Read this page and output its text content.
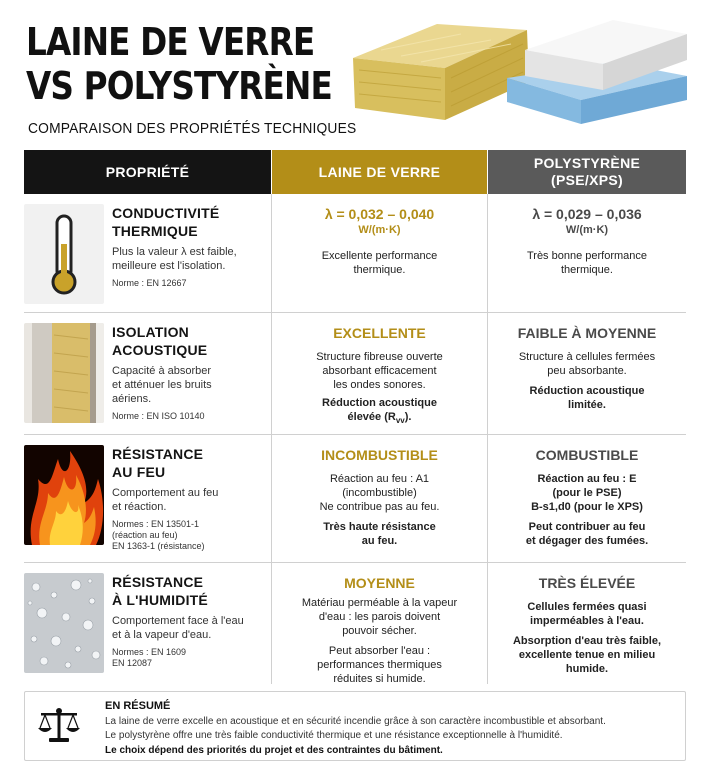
LAINE DE VERRE
VS POLYSTYRÈNE
COMPARAISON DES PROPRIÉTÉS TECHNIQUES
PROPRIÉTÉ	LAINE DE VERRE
POLYSTYRÈNE
(PSE/XPS)
CONDUCTIVITÉ
THERMIQUE
Plus la valeur λ est faible,
meilleure est l'isolation.
Norme : EN 12667
λ = 0,032 – 0,040
W/(m·K)
Excellente performance
thermique.
λ = 0,029 – 0,036
W/(m·K)
Très bonne performance
thermique.
ISOLATION
ACOUSTIQUE
Capacité à absorber
et atténuer les bruits
aériens.
Norme : EN ISO 10140
EXCELLENTE
Structure fibreuse ouverte
absorbant efficacement
les ondes sonores.
Réduction acoustique
élevée $(R_{vv})$.
FAIBLE À MOYENNE
Structure à cellules fermées
peu absorbante.
Réduction acoustique
limitée.
RÉSISTANCE
AU FEU
Comportement au feu
et réaction.
Normes : EN 13501-1
(réaction au feu)
EN 1363-1 (résistance)
INCOMBUSTIBLE
Réaction au feu : A1
(incombustible)
Ne contribue pas au feu.
Très haute résistance
au feu.
COMBUSTIBLE
Réaction au feu : E
(pour le PSE)
B-s1,d0 (pour le XPS)
Peut contribuer au feu
et dégager des fumées.
RÉSISTANCE
À L'HUMIDITÉ
Comportement face à l'eau
et à la vapeur d'eau.
Normes : EN 1609
EN 12087
MOYENNE
Matériau perméable à la vapeur
d'eau : les parois doivent
pouvoir sécher.
Peut absorber l'eau :
performances thermiques
réduites si humide.
TRÈS ÉLEVÉE
Cellules fermées quasi
imperméables à l'eau.
Absorption d'eau très faible,
excellente tenue en milieu
humide.
EN RÉSUMÉ
La laine de verre excelle en acoustique et en sécurité incendie grâce à son caractère incombustible et absorbant.
Le polystyrène offre une très faible conductivité thermique et une résistance exceptionnelle à l'humidité.
Le choix dépend des priorités du projet et des contraintes du bâtiment.
